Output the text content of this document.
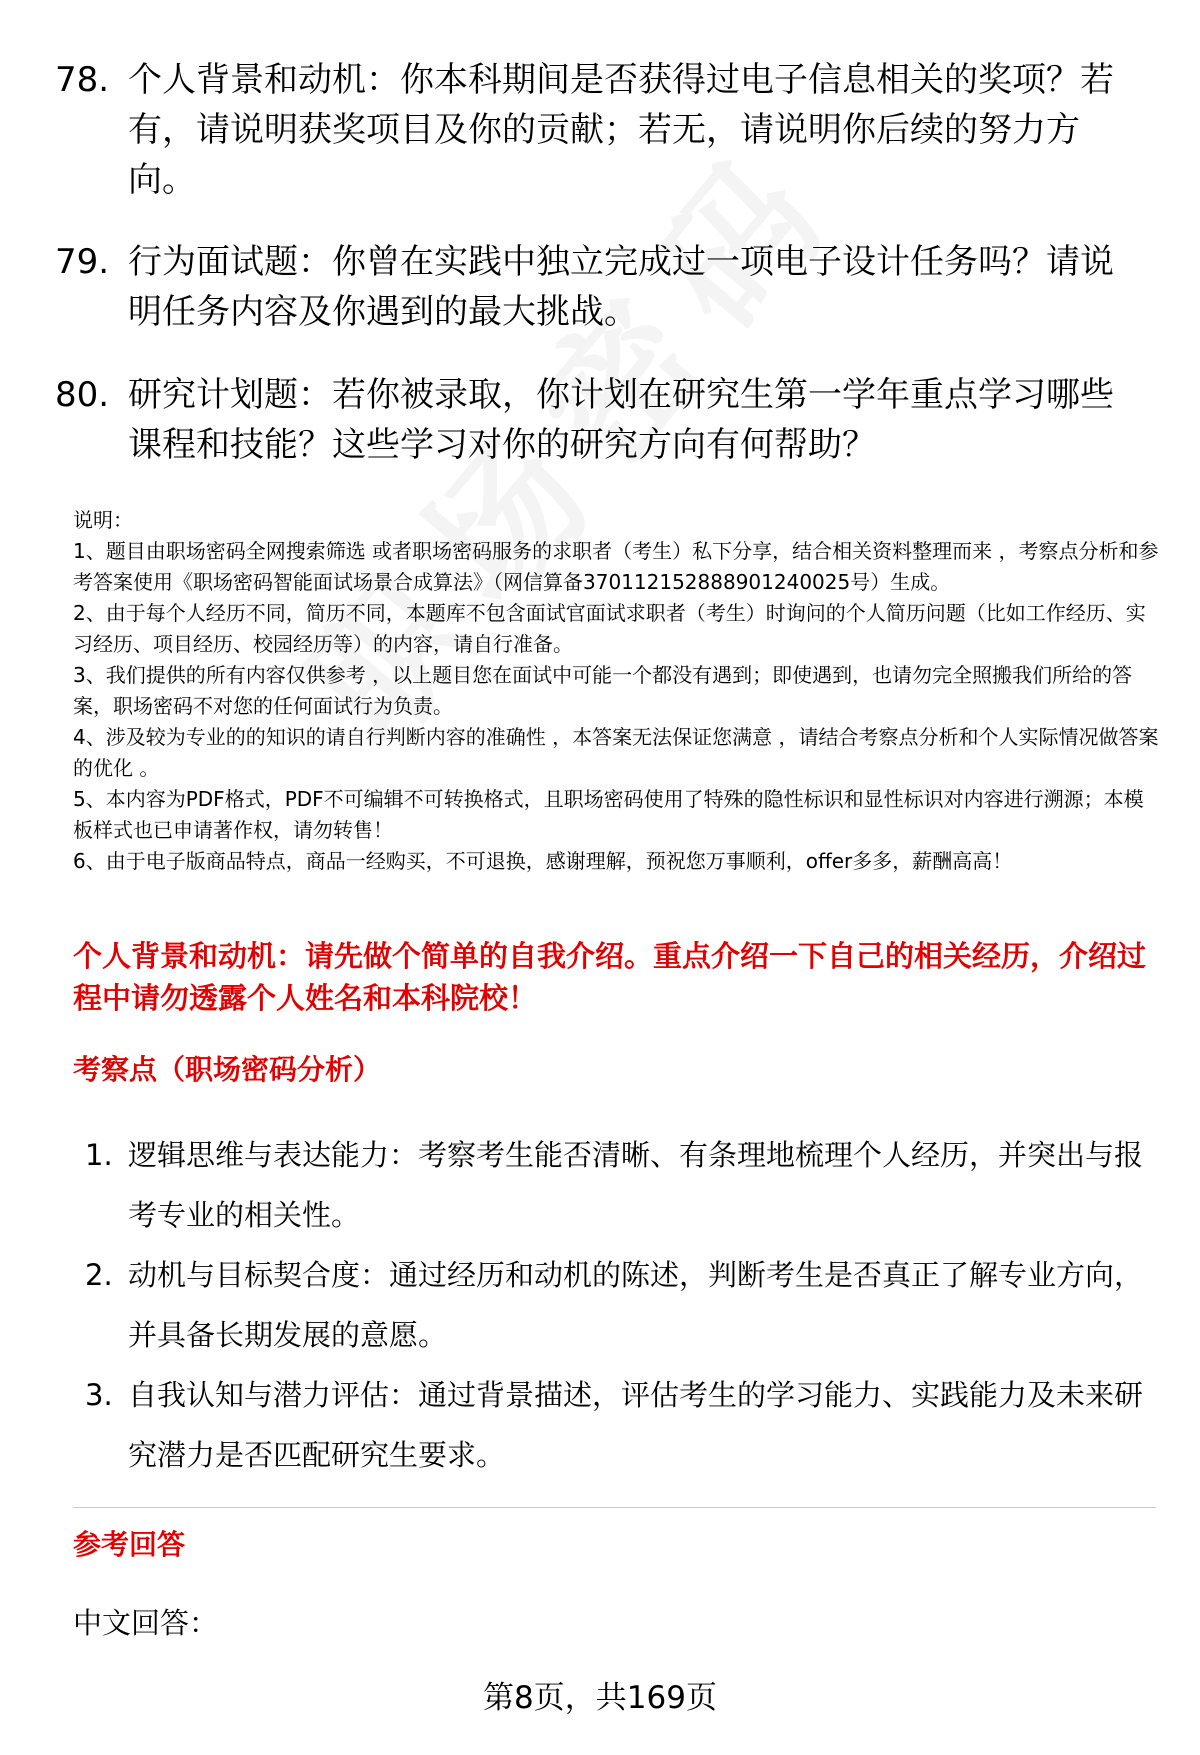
78. 个人背景和动机：你本科期间是否获得过电子信息相关的奖项？若有，请说明获奖项目及你的贡献；若无，请说明你后续的努力方向。
79. 行为面试题：你曾在实践中独立完成过一项电子设计任务吗？请说明任务内容及你遇到的最大挑战。
80. 研究计划题：若你被录取，你计划在研究生第一学年重点学习哪些课程和技能？这些学习对你的研究方向有何帮助？

说明：

1、题目由职场密码全网搜索筛选 或者职场密码服务的求职者（考生）私下分享，结合相关资料整理而来 ，考察点分析和参考答案使用《职场密码智能面试场景合成算法》（网信算备370112152888901240025号）生成。

2、由于每个人经历不同，简历不同，本题库不包含面试官面试求职者（考生）时询问的个人简历问题（比如工作经历、实习经历、项目经历、校园经历等）的内容，请自行准备。

3、我们提供的所有内容仅供参考 ，以上题目您在面试中可能一个都没有遇到；即使遇到，也请勿完全照搬我们所给的答案，职场密码不对您的任何面试行为负责。

4、涉及较为专业的的知识的请自行判断内容的准确性 ，本答案无法保证您满意 ，请结合考察点分析和个人实际情况做答案的优化 。

5、本内容为PDF格式，PDF不可编辑不可转换格式，且职场密码使用了特殊的隐性标识和显性标识对内容进行溯源；本模板样式也已申请著作权，请勿转售！

6、由于电子版商品特点，商品一经购买，不可退换，感谢理解，预祝您万事顺利，offer多多，薪酬高高！

个人背景和动机：请先做个简单的自我介绍。重点介绍一下自己的相关经历，介绍过程中请勿透露个人姓名和本科院校！
考察点（职场密码分析）
1. 逻辑思维与表达能力：考察考生能否清晰、有条理地梳理个人经历，并突出与报考专业的相关性。
2. 动机与目标契合度：通过经历和动机的陈述，判断考生是否真正了解专业方向，并具备长期发展的意愿。
3. 自我认知与潜力评估：通过背景描述，评估考生的学习能力、实践能力及未来研究潜力是否匹配研究生要求。
参考回答
中文回答：
第8页，共169页
